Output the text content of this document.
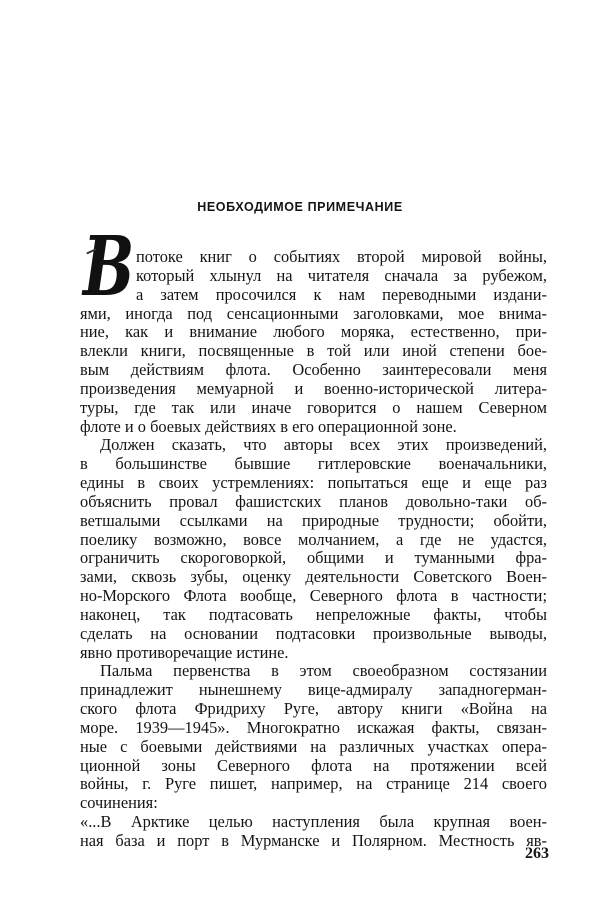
НЕОБХОДИМОЕ ПРИМЕЧАНИЕ
В потоке книг о событиях второй мировой войны,

который хлынул на читателя сначала за рубежом,

а затем просочился к нам переводными издани-

ями, иногда под сенсационными заголовками, мое внима-

ние, как и внимание любого моряка, естественно, при-

влекли книги, посвященные в той или иной степени бое-

вым действиям флота. Особенно заинтересовали меня

произведения мемуарной и военно-исторической литера-

туры, где так или иначе говорится о нашем Северном

флоте и о боевых действиях в его операционной зоне.

Должен сказать, что авторы всех этих произведений,

в большинстве бывшие гитлеровские военачальники,

едины в своих устремлениях: попытаться еще и еще раз

объяснить провал фашистских планов довольно-таки об-

ветшалыми ссылками на природные трудности; обойти,

поелику возможно, вовсе молчанием, а где не удастся,

ограничить скороговоркой, общими и туманными фра-

зами, сквозь зубы, оценку деятельности Советского Воен-

но-Морского Флота вообще, Северного флота в частности;

наконец, так подтасовать непреложные факты, чтобы

сделать на основании подтасовки произвольные выводы,

явно противоречащие истине.

Пальма первенства в этом своеобразном состязании

принадлежит нынешнему вице-адмиралу западногерман-

ского флота Фридриху Руге, автору книги «Война на

море. 1939—1945». Многократно искажая факты, связан-

ные с боевыми действиями на различных участках опера-

ционной зоны Северного флота на протяжении всей

войны, г. Руге пишет, например, на странице 214 своего

сочинения:

«...В Арктике целью наступления была крупная воен-

ная база и порт в Мурманске и Полярном. Местность яв-

263
